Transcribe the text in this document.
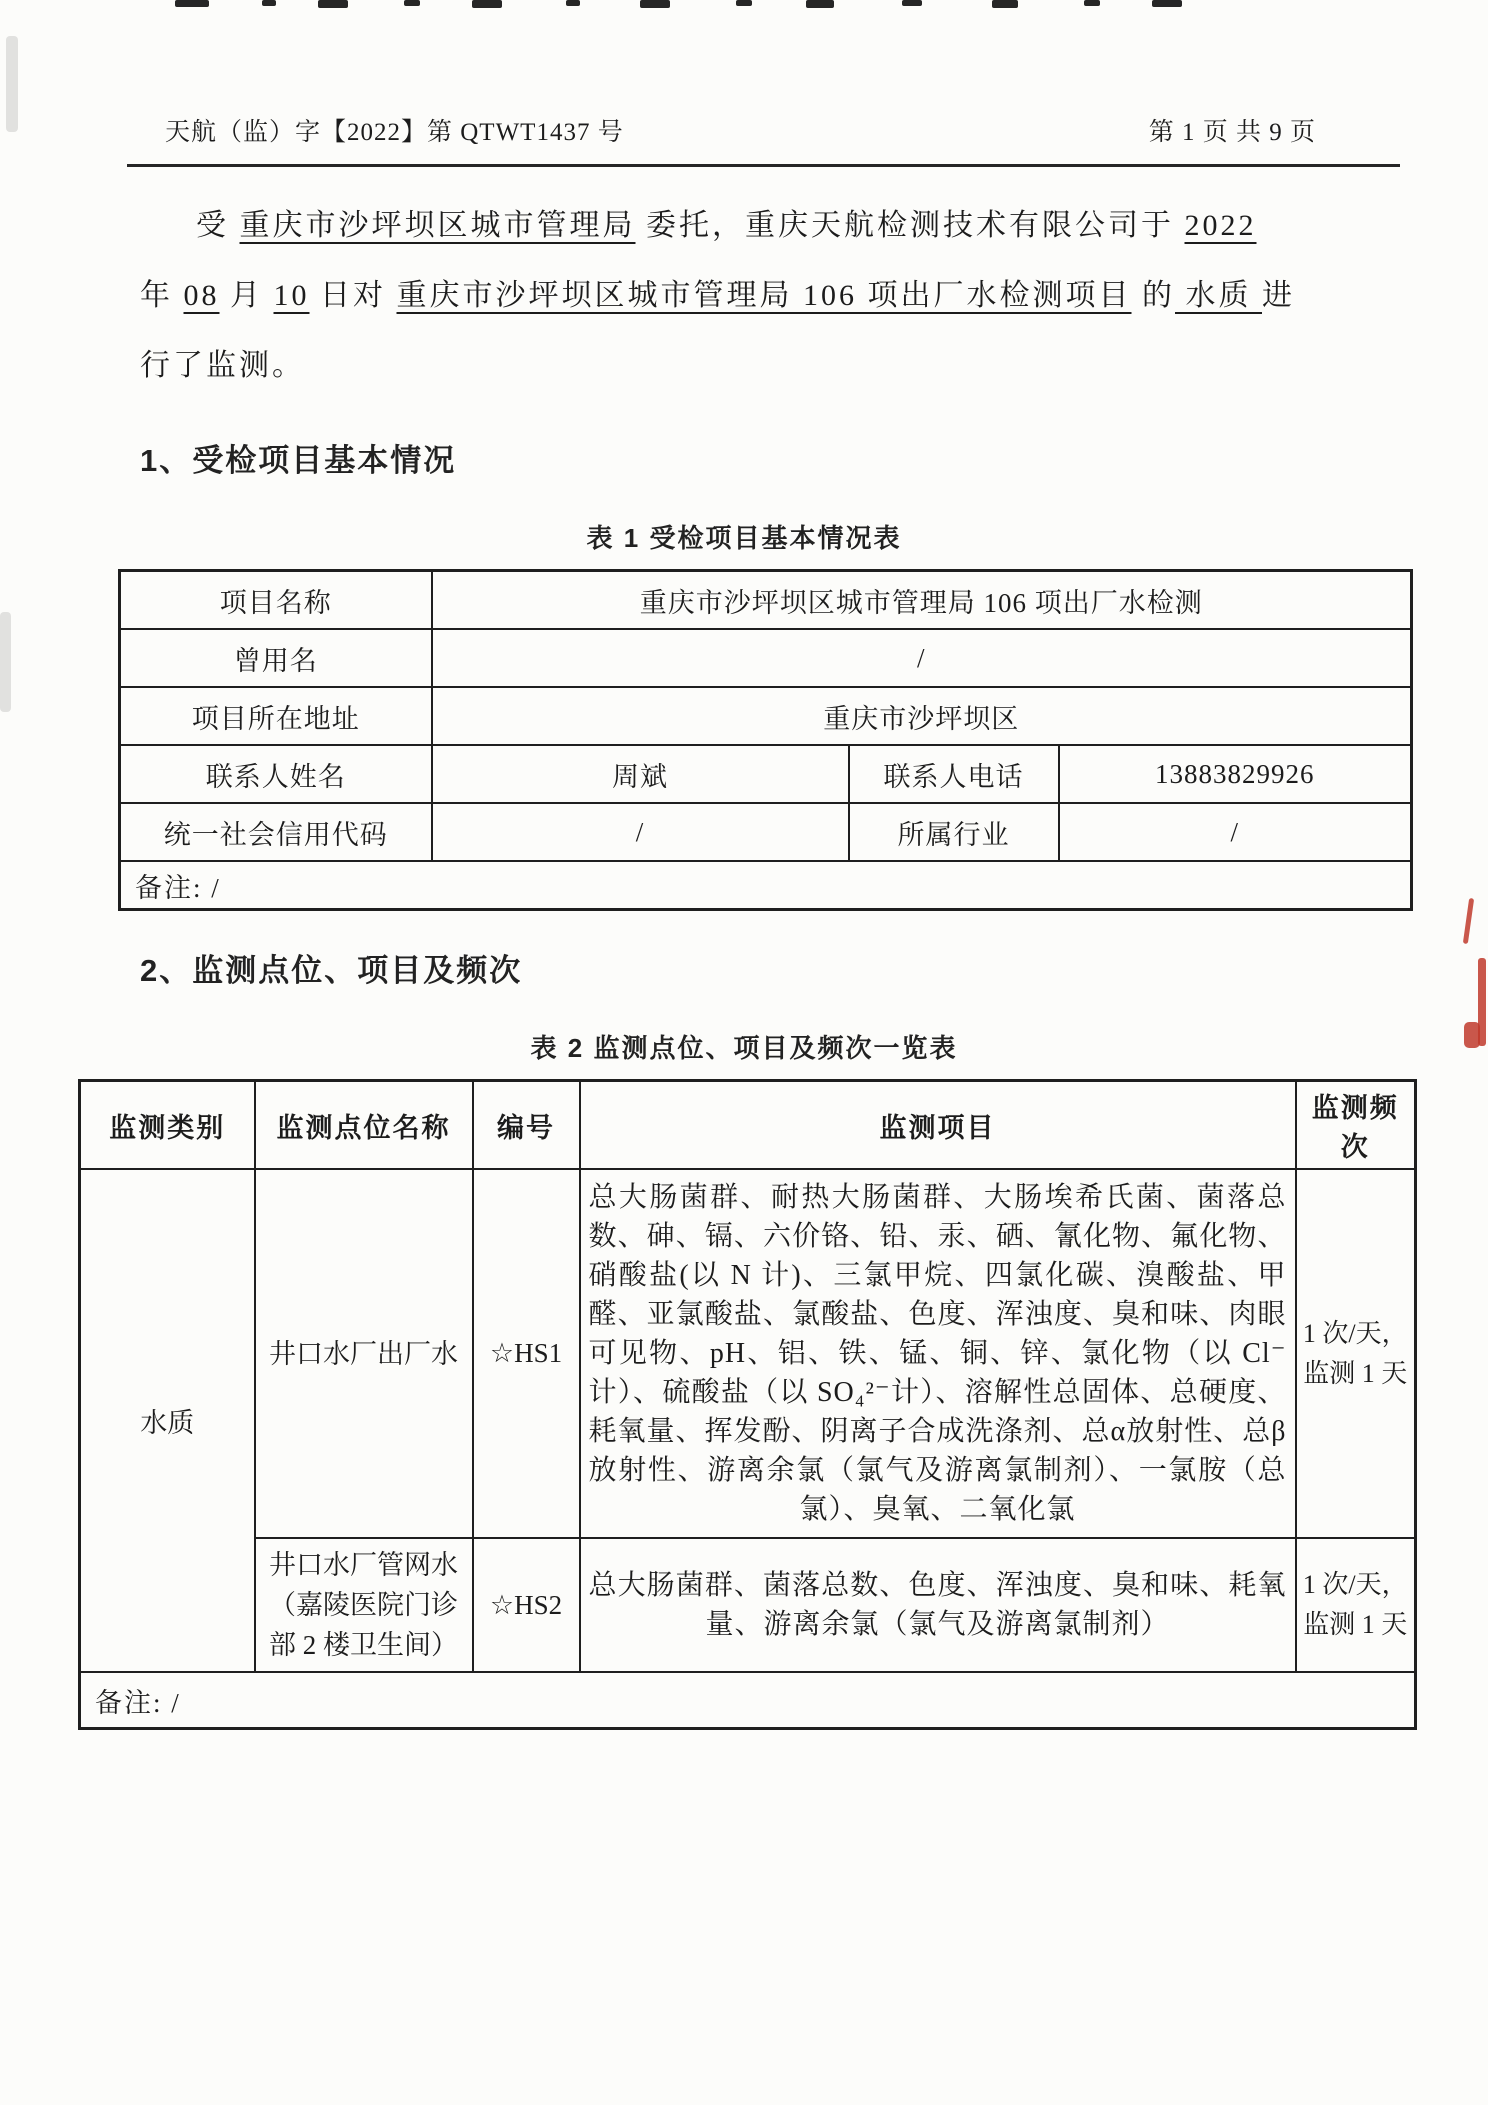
天航（监）字【2022】第 QTWT1437 号	第 1 页 共 9 页

受 重庆市沙坪坝区城市管理局 委托，重庆天航检测技术有限公司于 2022
年 08 月 10 日对 重庆市沙坪坝区城市管理局 106 项出厂水检测项目 的 水质 进
行了监测。

1、受检项目基本情况
表 1 受检项目基本情况表
项目名称	重庆市沙坪坝区城市管理局 106 项出厂水检测		
曾用名	/		
项目所在地址	重庆市沙坪坝区		
联系人姓名	周斌	联系人电话	13883829926
统一社会信用代码	/	所属行业	/
备注: /			
2、监测点位、项目及频次
表 2 监测点位、项目及频次一览表
监测类别	监测点位名称	编号	监测项目	监测频次
水质	井口水厂出厂水	☆HS1	总大肠菌群、耐热大肠菌群、大肠埃希氏菌、菌落总数、砷、镉、六价铬、铅、汞、硒、氰化物、氟化物、硝酸盐(以 N 计)、三氯甲烷、四氯化碳、溴酸盐、甲醛、亚氯酸盐、氯酸盐、色度、浑浊度、臭和味、肉眼可见物、pH、铝、铁、锰、铜、锌、氯化物（以 Cl⁻计）、硫酸盐（以 SO₄²⁻计）、溶解性总固体、总硬度、耗氧量、挥发酚、阴离子合成洗涤剂、总α放射性、总β放射性、游离余氯（氯气及游离氯制剂）、一氯胺（总氯）、臭氧、二氧化氯	1 次/天，监测 1 天
	井口水厂管网水（嘉陵医院门诊部 2 楼卫生间）	☆HS2	总大肠菌群、菌落总数、色度、浑浊度、臭和味、耗氧量、游离余氯（氯气及游离氯制剂）	1 次/天，监测 1 天
备注: /				
